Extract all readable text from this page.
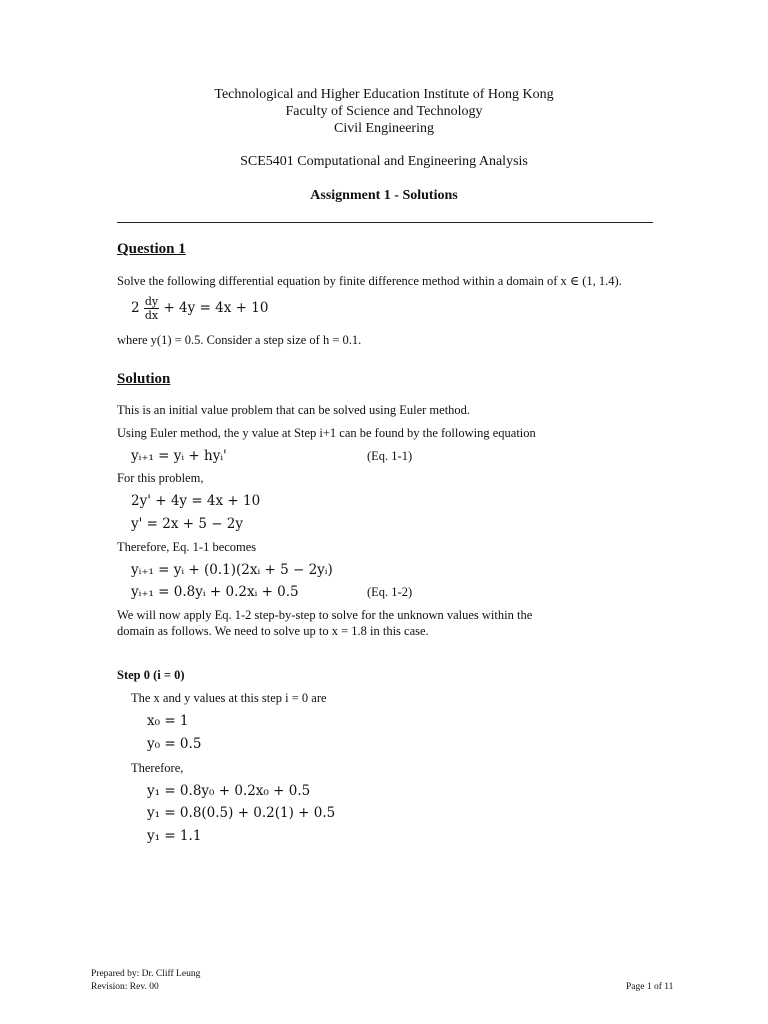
Technological and Higher Education Institute of Hong Kong
Faculty of Science and Technology
Civil Engineering
SCE5401 Computational and Engineering Analysis
Assignment 1 - Solutions
Question 1
Solve the following differential equation by finite difference method within a domain of x ∈ (1, 1.4).
$2 \frac{dy}{dx} + 4y = 4x + 10$
where y(1) = 0.5. Consider a step size of h = 0.1.
Solution
This is an initial value problem that can be solved using Euler method.
Using Euler method, the y value at Step i+1 can be found by the following equation
yᵢ₊₁ = yᵢ + hyᵢ'	(Eq. 1-1)
For this problem,
2y' + 4y = 4x + 10
y' = 2x + 5 − 2y
Therefore, Eq. 1-1 becomes
yᵢ₊₁ = yᵢ + (0.1)(2xᵢ + 5 − 2yᵢ)
yᵢ₊₁ = 0.8yᵢ + 0.2xᵢ + 0.5	(Eq. 1-2)
We will now apply Eq. 1-2 step-by-step to solve for the unknown values within the
domain as follows. We need to solve up to x = 1.8 in this case.
Step 0 (i = 0)
The x and y values at this step i = 0 are
x₀ = 1
y₀ = 0.5
Therefore,
y₁ = 0.8y₀ + 0.2x₀ + 0.5
y₁ = 0.8(0.5) + 0.2(1) + 0.5
y₁ = 1.1
Prepared by: Dr. Cliff Leung
Revision: Rev. 00	Page 1 of 11
